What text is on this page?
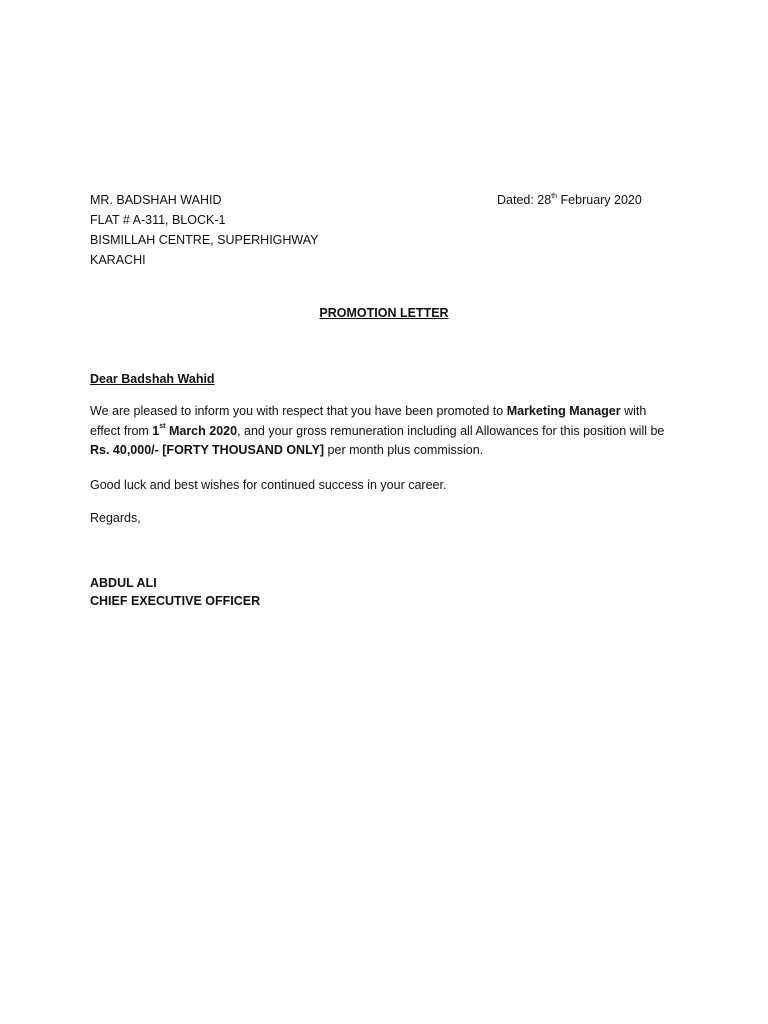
MR. BADSHAH WAHID
FLAT # A-311, BLOCK-1
BISMILLAH CENTRE, SUPERHIGHWAY
KARACHI
Dated: 28th February 2020
PROMOTION LETTER
Dear Badshah Wahid
We are pleased to inform you with respect that you have been promoted to Marketing Manager with effect from 1st March 2020, and your gross remuneration including all Allowances for this position will be Rs. 40,000/- [FORTY THOUSAND ONLY] per month plus commission.
Good luck and best wishes for continued success in your career.
Regards,
ABDUL ALI
CHIEF EXECUTIVE OFFICER
